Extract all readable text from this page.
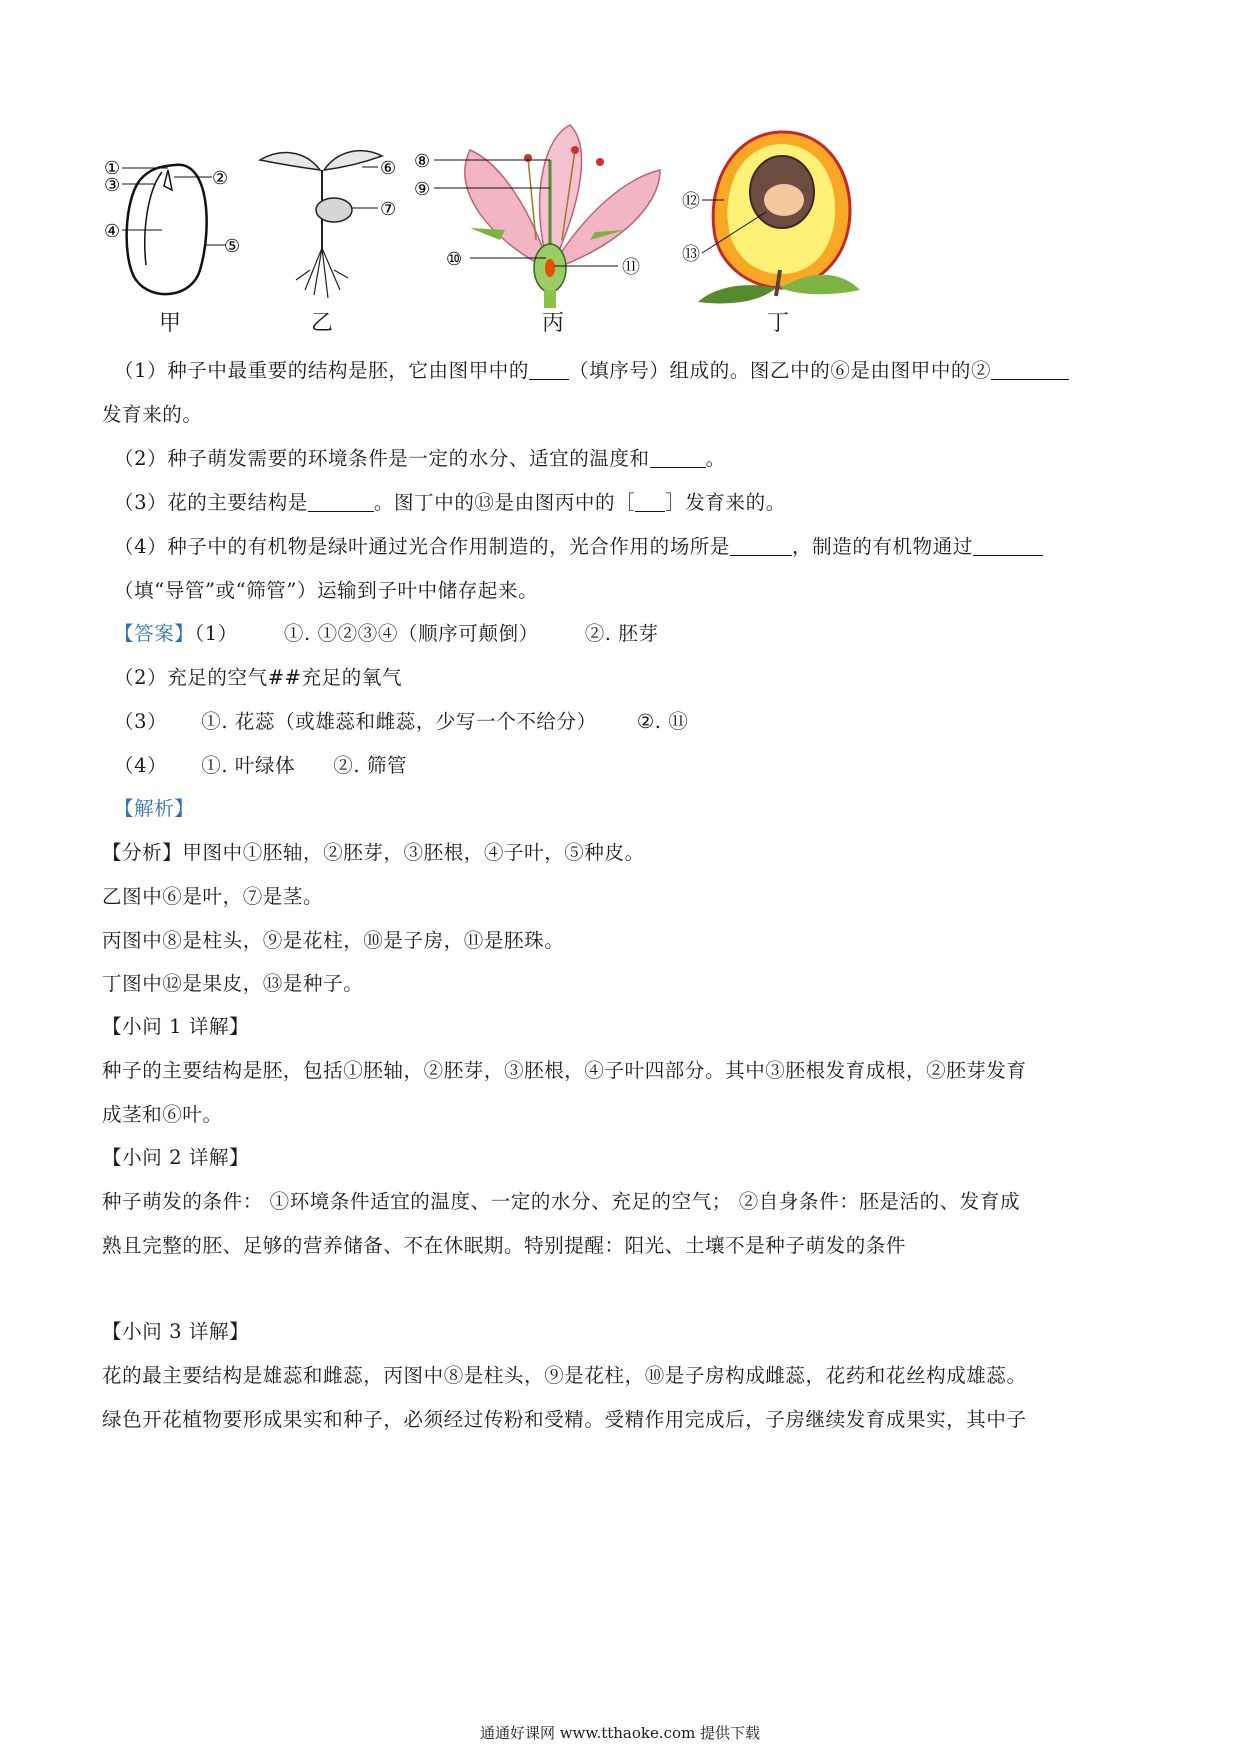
①
③
④
②
⑤
甲
⑥
⑦
乙
⑧
⑨
⑩	⑪
丙
⑫
⑬
丁
（1）种子中最重要的结构是胚，它由图甲中的 （填序号）组成的。图乙中的⑥是由图甲中的②
发育来的。
（2）种子萌发需要的环境条件是一定的水分、适宜的温度和	。
（3）花的主要结构是	。图丁中的⑬是由图丙中的［ ］发育来的。
（4）种子中的有机物是绿叶通过光合作用制造的，光合作用的场所是	，制造的有机物通过
（填“导管”或“筛管”）运输到子叶中储存起来。
【答案】（1） ①. ①②③④（顺序可颠倒） ②. 胚芽
（2）充足的空气##充足的氧气
（3） ①. 花蕊（或雄蕊和雌蕊，少写一个不给分） ②. ⑪
（4） ①. 叶绿体 ②. 筛管
【解析】
【分析】甲图中①胚轴，②胚芽，③胚根，④子叶，⑤种皮。
乙图中⑥是叶，⑦是茎。
丙图中⑧是柱头，⑨是花柱，⑩是子房，⑪是胚珠。
丁图中⑫是果皮，⑬是种子。
【小问 1 详解】
种子的主要结构是胚，包括①胚轴，②胚芽，③胚根，④子叶四部分。其中③胚根发育成根，②胚芽发育
成茎和⑥叶。
【小问 2 详解】
种子萌发的条件： ①环境条件适宜的温度、一定的水分、充足的空气； ②自身条件：胚是活的、发育成
熟且完整的胚、足够的营养储备、不在休眠期。特别提醒：阳光、土壤不是种子萌发的条件
【小问 3 详解】
花的最主要结构是雄蕊和雌蕊，丙图中⑧是柱头，⑨是花柱，⑩是子房构成雌蕊，花药和花丝构成雄蕊。
绿色开花植物要形成果实和种子，必须经过传粉和受精。受精作用完成后，子房继续发育成果实，其中子
通通好课网 www.tthaoke.com 提供下载
